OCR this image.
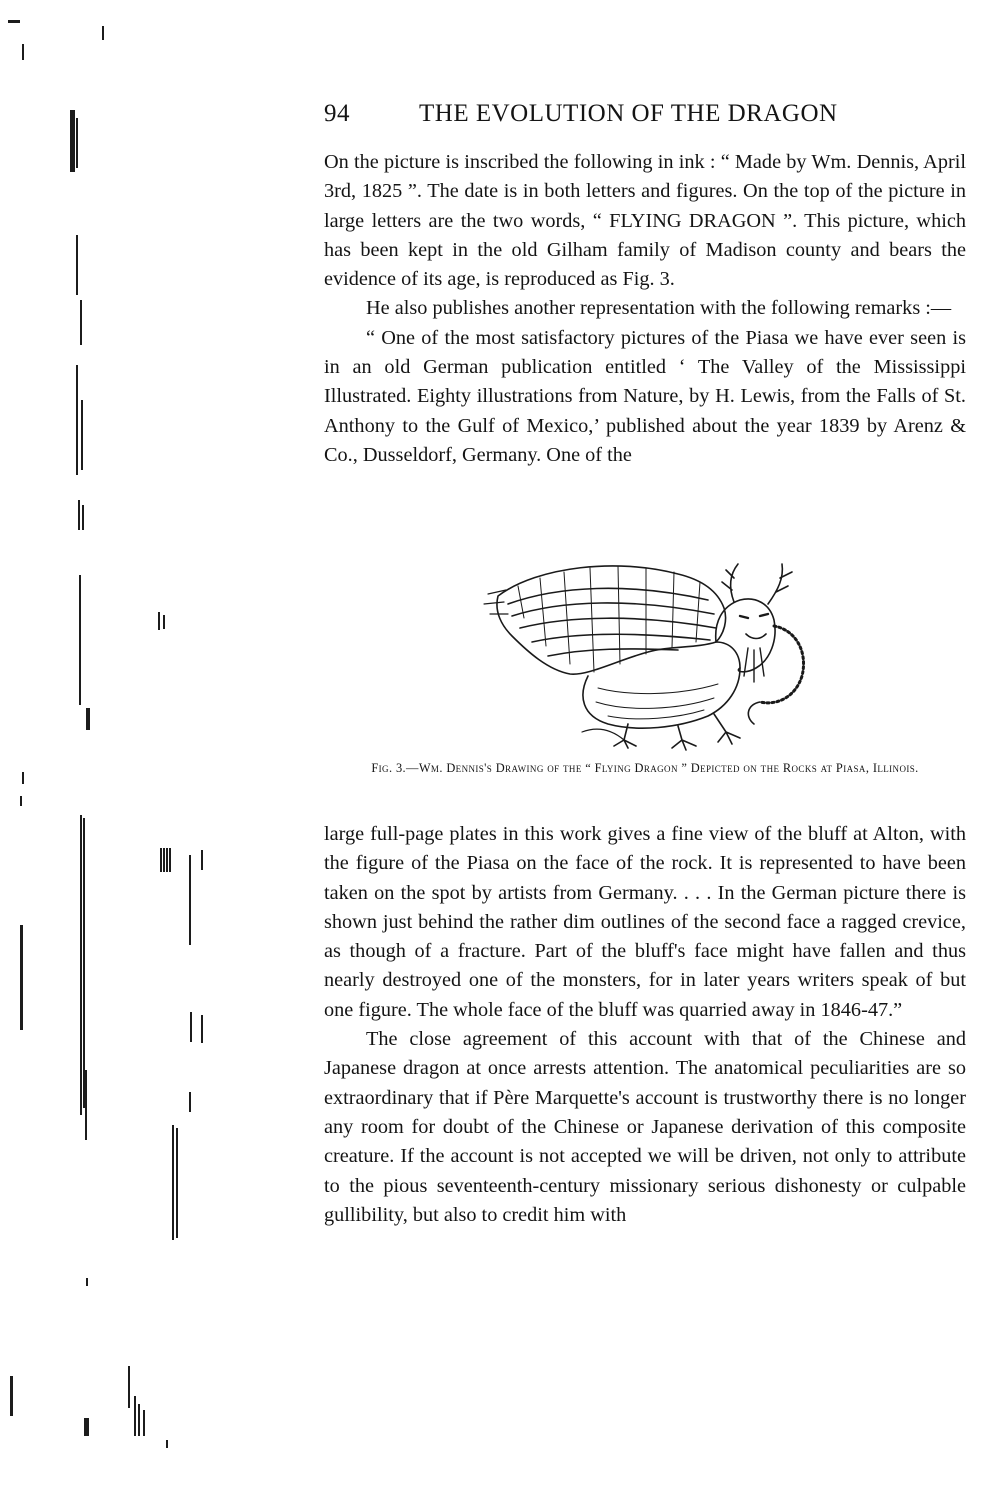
94	THE EVOLUTION OF THE DRAGON

On the picture is inscribed the following in ink : “ Made by Wm. Dennis, April 3rd, 1825 ”. The date is in both letters and figures. On the top of the picture in large letters are the two words, “ FLYING DRAGON ”. This picture, which has been kept in the old Gilham family of Madison county and bears the evidence of its age, is reproduced as Fig. 3.

He also publishes another representation with the following remarks :—

“ One of the most satisfactory pictures of the Piasa we have ever seen is in an old German publication entitled ‘ The Valley of the Mississippi Illustrated. Eighty illustrations from Nature, by H. Lewis, from the Falls of St. Anthony to the Gulf of Mexico,’ published about the year 1839 by Arenz & Co., Dusseldorf, Germany. One of the

Fig. 3.—Wm. Dennis's Drawing of the “ Flying Dragon ” Depicted on the Rocks at Piasa, Illinois.

large full-page plates in this work gives a fine view of the bluff at Alton, with the figure of the Piasa on the face of the rock. It is represented to have been taken on the spot by artists from Germany. . . . In the German picture there is shown just behind the rather dim outlines of the second face a ragged crevice, as though of a fracture. Part of the bluff's face might have fallen and thus nearly destroyed one of the monsters, for in later years writers speak of but one figure. The whole face of the bluff was quarried away in 1846-47.”

The close agreement of this account with that of the Chinese and Japanese dragon at once arrests attention. The anatomical peculiarities are so extraordinary that if Père Marquette's account is trustworthy there is no longer any room for doubt of the Chinese or Japanese derivation of this composite creature. If the account is not accepted we will be driven, not only to attribute to the pious seventeenth-century missionary serious dishonesty or culpable gullibility, but also to credit him with
